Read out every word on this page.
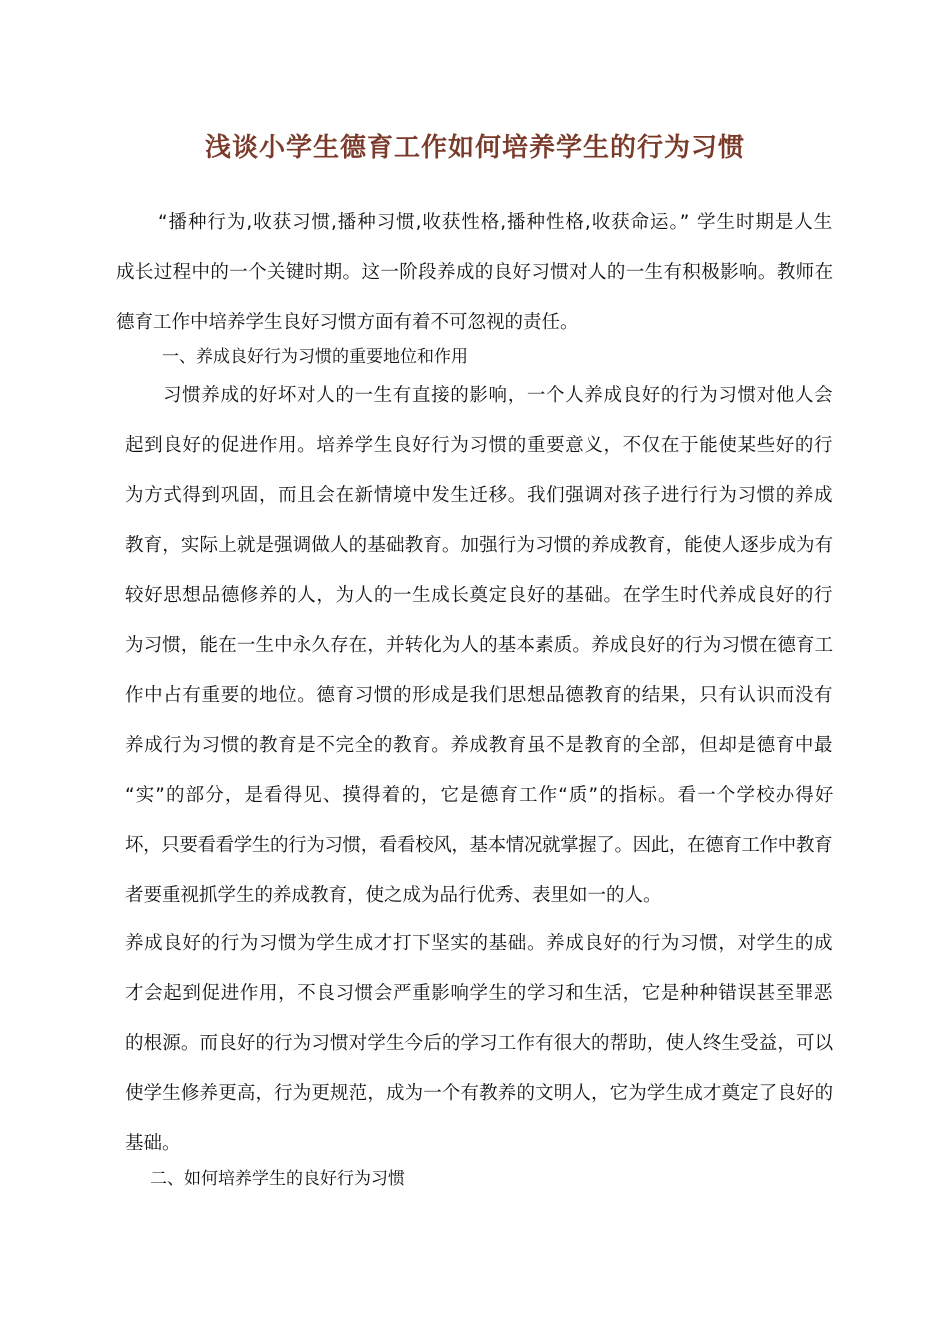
浅谈小学生德育工作如何培养学生的行为习惯
“播种行为,收获习惯,播种习惯,收获性格,播种性格,收获命运。” 学生时期是人生
成长过程中的一个关键时期。这一阶段养成的良好习惯对人的一生有积极影响。教师在
德育工作中培养学生良好习惯方面有着不可忽视的责任。
一、养成良好行为习惯的重要地位和作用
习惯养成的好坏对人的一生有直接的影响，一个人养成良好的行为习惯对他人会
起到良好的促进作用。培养学生良好行为习惯的重要意义，不仅在于能使某些好的行
为方式得到巩固，而且会在新情境中发生迁移。我们强调对孩子进行行为习惯的养成
教育，实际上就是强调做人的基础教育。加强行为习惯的养成教育，能使人逐步成为有
较好思想品德修养的人，为人的一生成长奠定良好的基础。在学生时代养成良好的行
为习惯，能在一生中永久存在，并转化为人的基本素质。养成良好的行为习惯在德育工
作中占有重要的地位。德育习惯的形成是我们思想品德教育的结果，只有认识而没有
养成行为习惯的教育是不完全的教育。养成教育虽不是教育的全部，但却是德育中最
“实”的部分，是看得见、摸得着的，它是德育工作“质”的指标。看一个学校办得好
坏，只要看看学生的行为习惯，看看校风，基本情况就掌握了。因此，在德育工作中教育
者要重视抓学生的养成教育，使之成为品行优秀、表里如一的人。
养成良好的行为习惯为学生成才打下坚实的基础。养成良好的行为习惯，对学生的成
才会起到促进作用，不良习惯会严重影响学生的学习和生活，它是种种错误甚至罪恶
的根源。而良好的行为习惯对学生今后的学习工作有很大的帮助，使人终生受益，可以
使学生修养更高，行为更规范，成为一个有教养的文明人，它为学生成才奠定了良好的
基础。
二、如何培养学生的良好行为习惯
